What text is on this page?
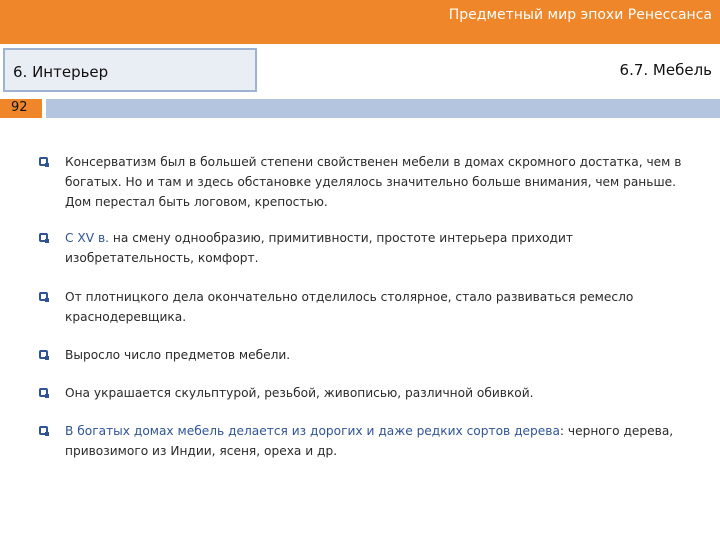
Предметный мир эпохи Ренессанса
6. Интерьер	6.7. Мебель
92
Консерватизм был в большей степени свойственен мебели в домах скромного достатка, чем в богатых. Но и там и здесь обстановке уделялось значительно больше внимания, чем раньше. Дом перестал быть логовом, крепостью.
С XV в. на смену однообразию, примитивности, простоте интерьера приходит изобретательность, комфорт.
От плотницкого дела окончательно отделилось столярное, стало развиваться ремесло краснодеревщика.
Выросло число предметов мебели.
Она украшается скульптурой, резьбой, живописью, различной обивкой.
В богатых домах мебель делается из дорогих и даже редких сортов дерева: черного дерева, привозимого из Индии, ясеня, ореха и др.
